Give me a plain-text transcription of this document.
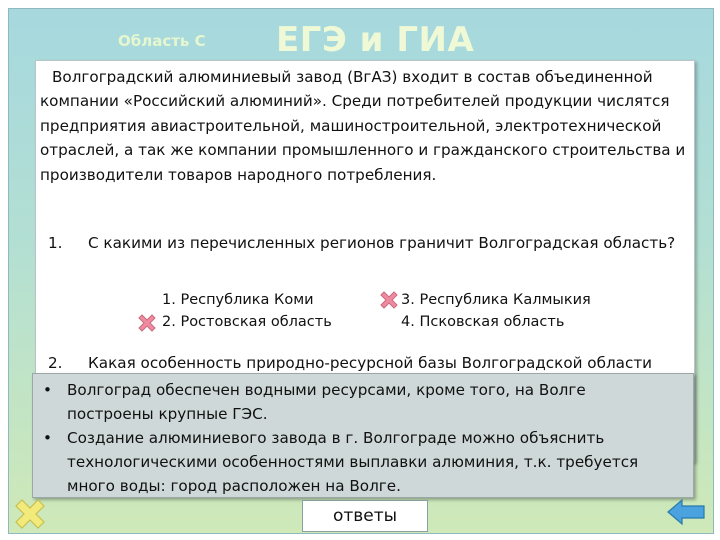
Область С ЕГЭ и ГИА
Волгоградский алюминиевый завод (ВгАЗ) входит в состав объединенной компании «Российский алюминий». Среди потребителей продукции числятся предприятия авиастроительной, машиностроительной, электротехнической отраслей, а так же компании промышленного и гражданского строительства и производители товаров народного потребления.
1. С какими из перечисленных регионов граничит Волгоградская область?
1. Республика Коми
2. Ростовская область
3. Республика Калмыкия
4. Псковская область
2. Какая особенность природно-ресурсной базы Волгоградской области
• Волгоград обеспечен водными ресурсами, кроме того, на Волге построены крупные ГЭС.
• Создание алюминиевого завода в г. Волгограде можно объяснить технологическими особенностями выплавки алюминия, т.к. требуется много воды: город расположен на Волге.
ответы
